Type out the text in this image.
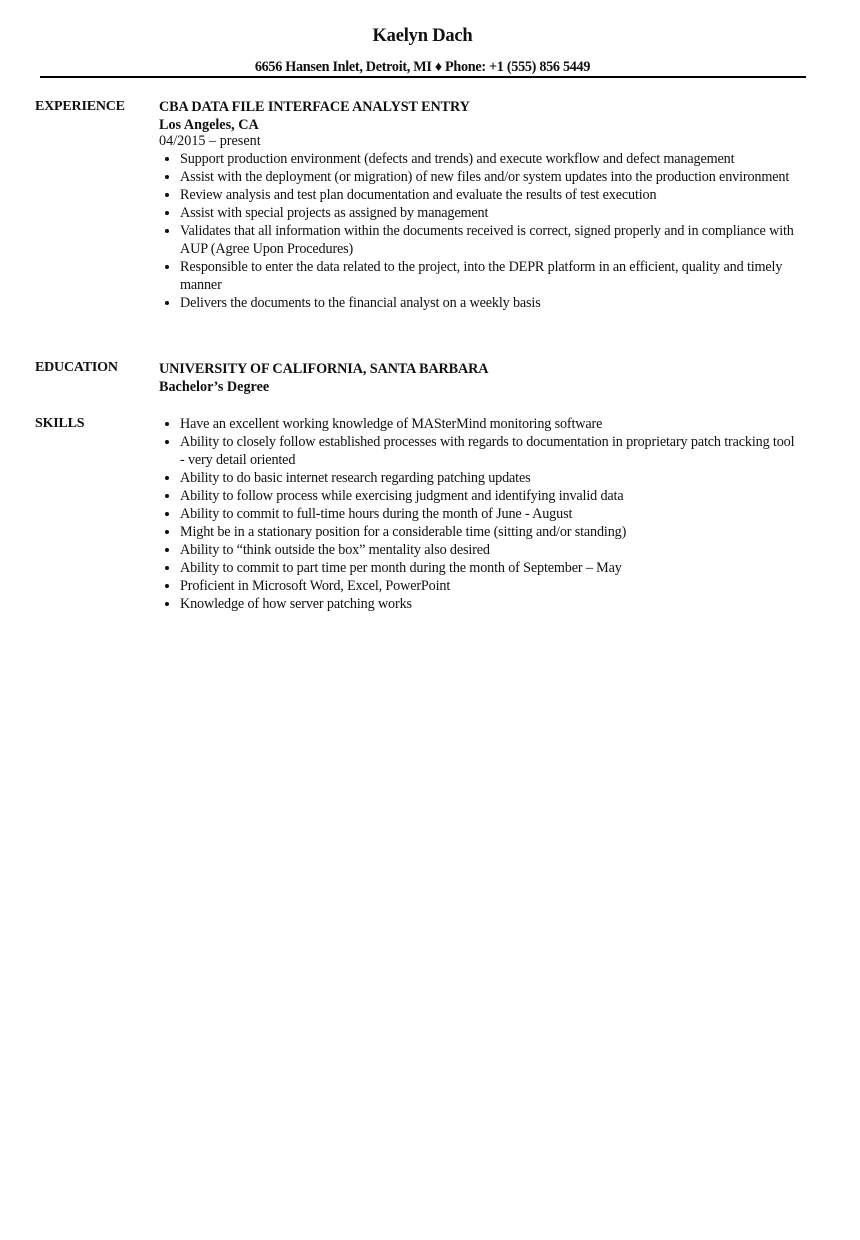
Kaelyn Dach
6656 Hansen Inlet, Detroit, MI ♦ Phone: +1 (555) 856 5449
EXPERIENCE CBA DATA FILE INTERFACE ANALYST ENTRY
Los Angeles, CA
04/2015 – present
Support production environment (defects and trends) and execute workflow and defect management
Assist with the deployment (or migration) of new files and/or system updates into the production environment
Review analysis and test plan documentation and evaluate the results of test execution
Assist with special projects as assigned by management
Validates that all information within the documents received is correct, signed properly and in compliance with AUP (Agree Upon Procedures)
Responsible to enter the data related to the project, into the DEPR platform in an efficient, quality and timely manner
Delivers the documents to the financial analyst on a weekly basis
EDUCATION	UNIVERSITY OF CALIFORNIA, SANTA BARBARA
Bachelor’s Degree
SKILLS	Have an excellent working knowledge of MASterMind monitoring software
Ability to closely follow established processes with regards to documentation in proprietary patch tracking tool - very detail oriented
Ability to do basic internet research regarding patching updates
Ability to follow process while exercising judgment and identifying invalid data
Ability to commit to full-time hours during the month of June - August
Might be in a stationary position for a considerable time (sitting and/or standing)
Ability to “think outside the box” mentality also desired
Ability to commit to part time per month during the month of September – May
Proficient in Microsoft Word, Excel, PowerPoint
Knowledge of how server patching works
